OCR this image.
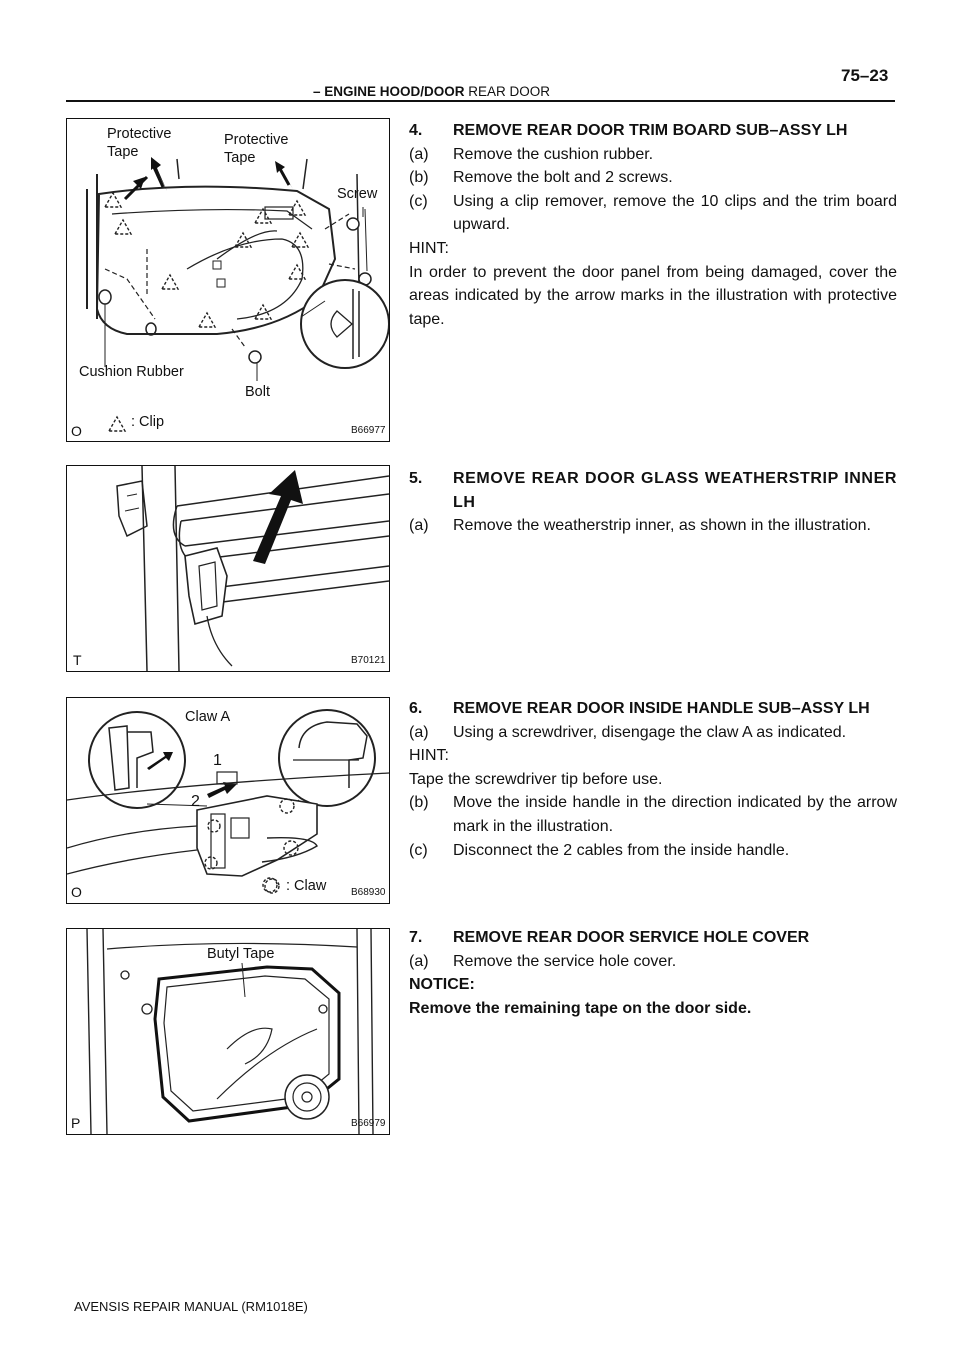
– ENGINE HOOD/DOOR REAR DOOR
75–23
Protective Tape
Protective Tape
Screw
Cushion Rubber
Bolt
: Clip
O	B66977
T	B70121
Claw A
1
2
: Claw
O	B68930
Butyl Tape
P	B66979
4.	REMOVE REAR DOOR TRIM BOARD SUB–ASSY LH
(a)	Remove the cushion rubber.
(b)	Remove the bolt and 2 screws.
(c)	Using a clip remover, remove the 10 clips and the trim board upward.
HINT:
In order to prevent the door panel from being damaged, cover the areas indicated by the arrow marks in the illustration with protective tape.
5.	REMOVE REAR DOOR GLASS WEATHERSTRIP INNER LH
(a)	Remove the weatherstrip inner, as shown in the illustration.
6.	REMOVE REAR DOOR INSIDE HANDLE SUB–ASSY LH
(a)	Using a screwdriver, disengage the claw A as indicated.
HINT:
Tape the screwdriver tip before use.
(b)	Move the inside handle in the direction indicated by the arrow mark in the illustration.
(c)	Disconnect the 2 cables from the inside handle.
7.	REMOVE REAR DOOR SERVICE HOLE COVER
(a)	Remove the service hole cover.
NOTICE:
Remove the remaining tape on the door side.
AVENSIS REPAIR MANUAL (RM1018E)
